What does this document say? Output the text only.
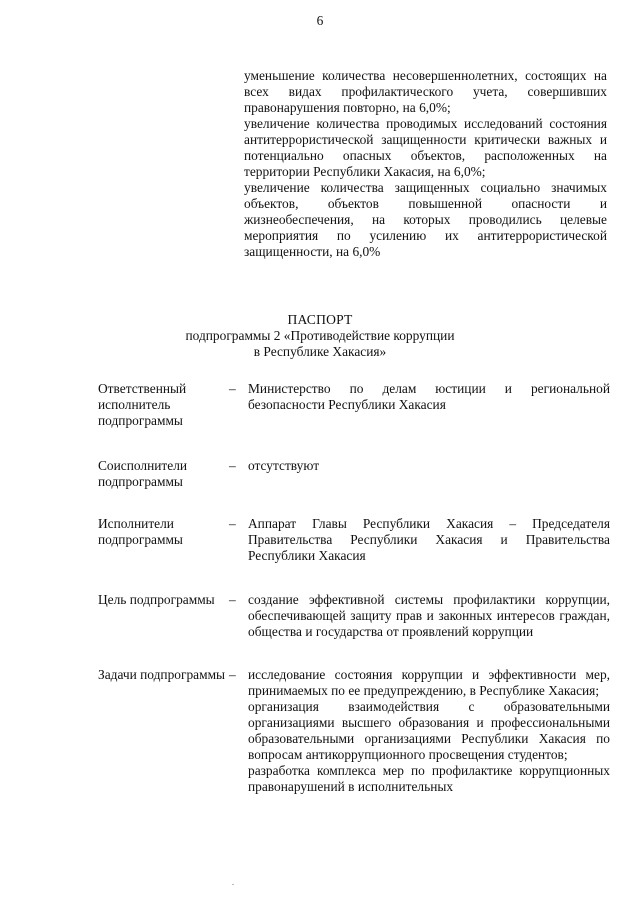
6

уменьшение количества несовершеннолетних, состоящих на всех видах профилактического учета, совершивших правонарушения повторно, на 6,0%;

увеличение количества проводимых исследований состояния антитеррористической защищенности критически важных и потенциально опасных объектов, расположенных на территории Республики Хакасия, на 6,0%;

увеличение количества защищенных социально значимых объектов, объектов повышенной опасности и жизнеобеспечения, на которых проводились целевые мероприятия по усилению их антитеррористической защищенности, на 6,0%

ПАСПОРТ
подпрограммы 2 «Противодействие коррупции
в Республике Хакасия»
Ответственный исполнитель подпрограммы
– Министерство по делам юстиции и региональной безопасности Республики Хакасия
Соисполнители подпрограммы
– отсутствуют
Исполнители подпрограммы
– Аппарат Главы Республики Хакасия – Председателя Правительства Республики Хакасия и Правительства Республики Хакасия
Цель подпрограммы	– создание эффективной системы профилактики коррупции, обеспечивающей защиту прав и законных интересов граждан, общества и государства от проявлений коррупции
Задачи подпрограммы – исследование состояния коррупции и эффективности мер, принимаемых по ее предупреждению, в Республике Хакасия;

организация взаимодействия с образовательными организациями высшего образования и профессиональными образовательными организациями Республики Хакасия по вопросам антикоррупционного просвещения студентов;

разработка комплекса мер по профилактике коррупционных правонарушений в исполнительных
